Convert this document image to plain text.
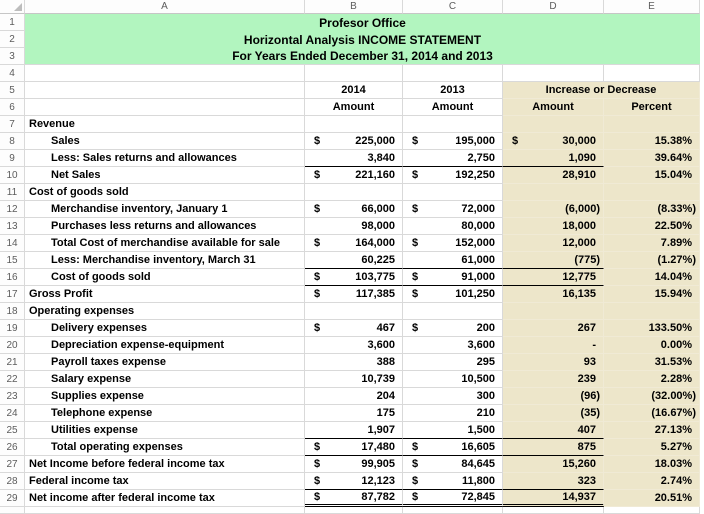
A	B	C	D	E
1	Profesor Office
2	Horizontal Analysis INCOME STATEMENT
3	For Years Ended December 31, 2014 and 2013
4
5	2014	2013	Increase or Decrease
6	Amount	Amount	Amount	Percent
7	Revenue
8	Sales	$	225,000 $	195,000 $	30,000	15.38%
9	Less: Sales returns and allowances	3,840	2,750	1,090	39.64%
10	Net Sales	$	221,160 $	192,250	28,910	15.04%
11	Cost of goods sold
12	Merchandise inventory, January 1	$	66,000 $	72,000	(6,000)	(8.33%)
13	Purchases less returns and allowances	98,000	80,000	18,000	22.50%
14	Total Cost of merchandise available for sale	$	164,000 $	152,000	12,000	7.89%
15	Less: Merchandise inventory, March 31	60,225	61,000	(775)	(1.27%)
16	Cost of goods sold	$	103,775 $	91,000	12,775	14.04%
17	Gross Profit	$	117,385 $	101,250	16,135	15.94%
18	Operating expenses
19	Delivery expenses	$	467 $	200	267	133.50%
20	Depreciation expense-equipment	3,600	3,600	-	0.00%
21	Payroll taxes expense	388	295	93	31.53%
22	Salary expense	10,739	10,500	239	2.28%
23	Supplies expense	204	300	(96)	(32.00%)
24	Telephone expense	175	210	(35)	(16.67%)
25	Utilities expense	1,907	1,500	407	27.13%
26	Total operating expenses	$	17,480 $	16,605	875	5.27%
27	Net Income before federal income tax	$	99,905 $	84,645	15,260	18.03%
28	Federal income tax	$	12,123 $	11,800	323	2.74%
29	Net income after federal income tax	$	87,782 $	72,845	14,937	20.51%
